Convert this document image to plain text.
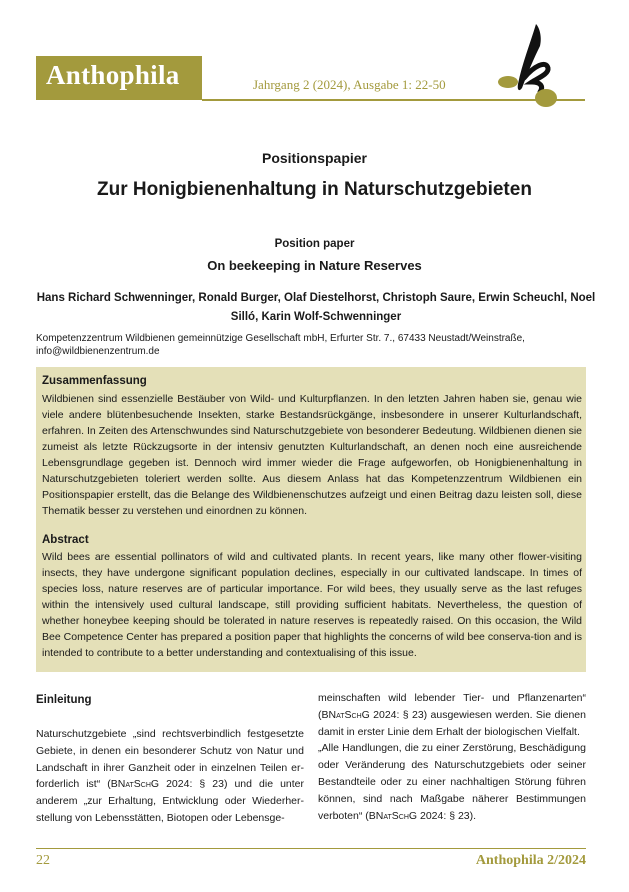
Anthophila	Jahrgang 2 (2024), Ausgabe 1: 22-50
Positionspapier
Zur Honigbienenhaltung in Naturschutzgebieten
Position paper
On beekeeping in Nature Reserves
Hans Richard Schwenninger, Ronald Burger, Olaf Diestelhorst, Christoph Saure, Erwin Scheuchl, Noel
Silló, Karin Wolf-Schwenninger
Kompetenzzentrum Wildbienen gemeinnützige Gesellschaft mbH, Erfurter Str. 7., 67433 Neustadt/Weinstraße, info@wildbienenzentrum.de
Zusammenfassung
Wildbienen sind essenzielle Bestäuber von Wild- und Kulturpflanzen. In den letzten Jahren haben sie, genau wie viele andere blütenbesuchende Insekten, starke Bestandsrückgänge, insbesondere in unserer Kulturlandschaft, erfahren. In Zeiten des Artenschwundes sind Naturschutzgebiete von besonderer Bedeutung. Wildbienen dienen sie zumeist als letzte Rückzugsorte in der intensiv genutzten Kulturlandschaft, an denen noch eine ausreichende Lebensgrundlage gegeben ist. Dennoch wird immer wieder die Frage aufgeworfen, ob Honigbienenhaltung in Naturschutzgebieten toleriert werden sollte. Aus diesem Anlass hat das Kompetenzzentrum Wildbienen ein Positionspapier erstellt, das die Belange des Wildbienenschutzes aufzeigt und einen Beitrag dazu leisten soll, diese Thematik besser zu verstehen und einordnen zu können.
Abstract
Wild bees are essential pollinators of wild and cultivated plants. In recent years, like many other flower-visiting insects, they have undergone significant population declines, especially in our cultivated landscape. In times of species loss, nature reserves are of particular importance. For wild bees, they usually serve as the last refuges within the intensively used cultural landscape, still providing sufficient habitats. Nevertheless, the question of whether honeybee keeping should be tolerated in nature reserves is repeatedly raised. On this occasion, the Wild Bee Competence Center has prepared a position paper that highlights the concerns of wild bee conserva-tion and is intended to contribute to a better understanding and contextualising of this issue.
Einleitung
Naturschutzgebiete „sind rechtsverbindlich festgesetzte Gebiete, in denen ein besonderer Schutz von Natur und Landschaft in ihrer Ganzheit oder in einzelnen Teilen er-forderlich ist“ (BNatSchG 2024: § 23) und die unter anderem „zur Erhaltung, Entwicklung oder Wiederher-stellung von Lebensstätten, Biotopen oder Lebensge-
meinschaften wild lebender Tier- und Pflanzenarten“ (BNatSchG 2024: § 23) ausgewiesen werden. Sie dienen damit in erster Linie dem Erhalt der biologischen Vielfalt.
„Alle Handlungen, die zu einer Zerstörung, Beschädigung oder Veränderung des Naturschutzgebiets oder seiner Bestandteile oder zu einer nachhaltigen Störung führen können, sind nach Maßgabe näherer Bestimmungen verboten“ (BNatSchG 2024: § 23).
22	Anthophila 2/2024
